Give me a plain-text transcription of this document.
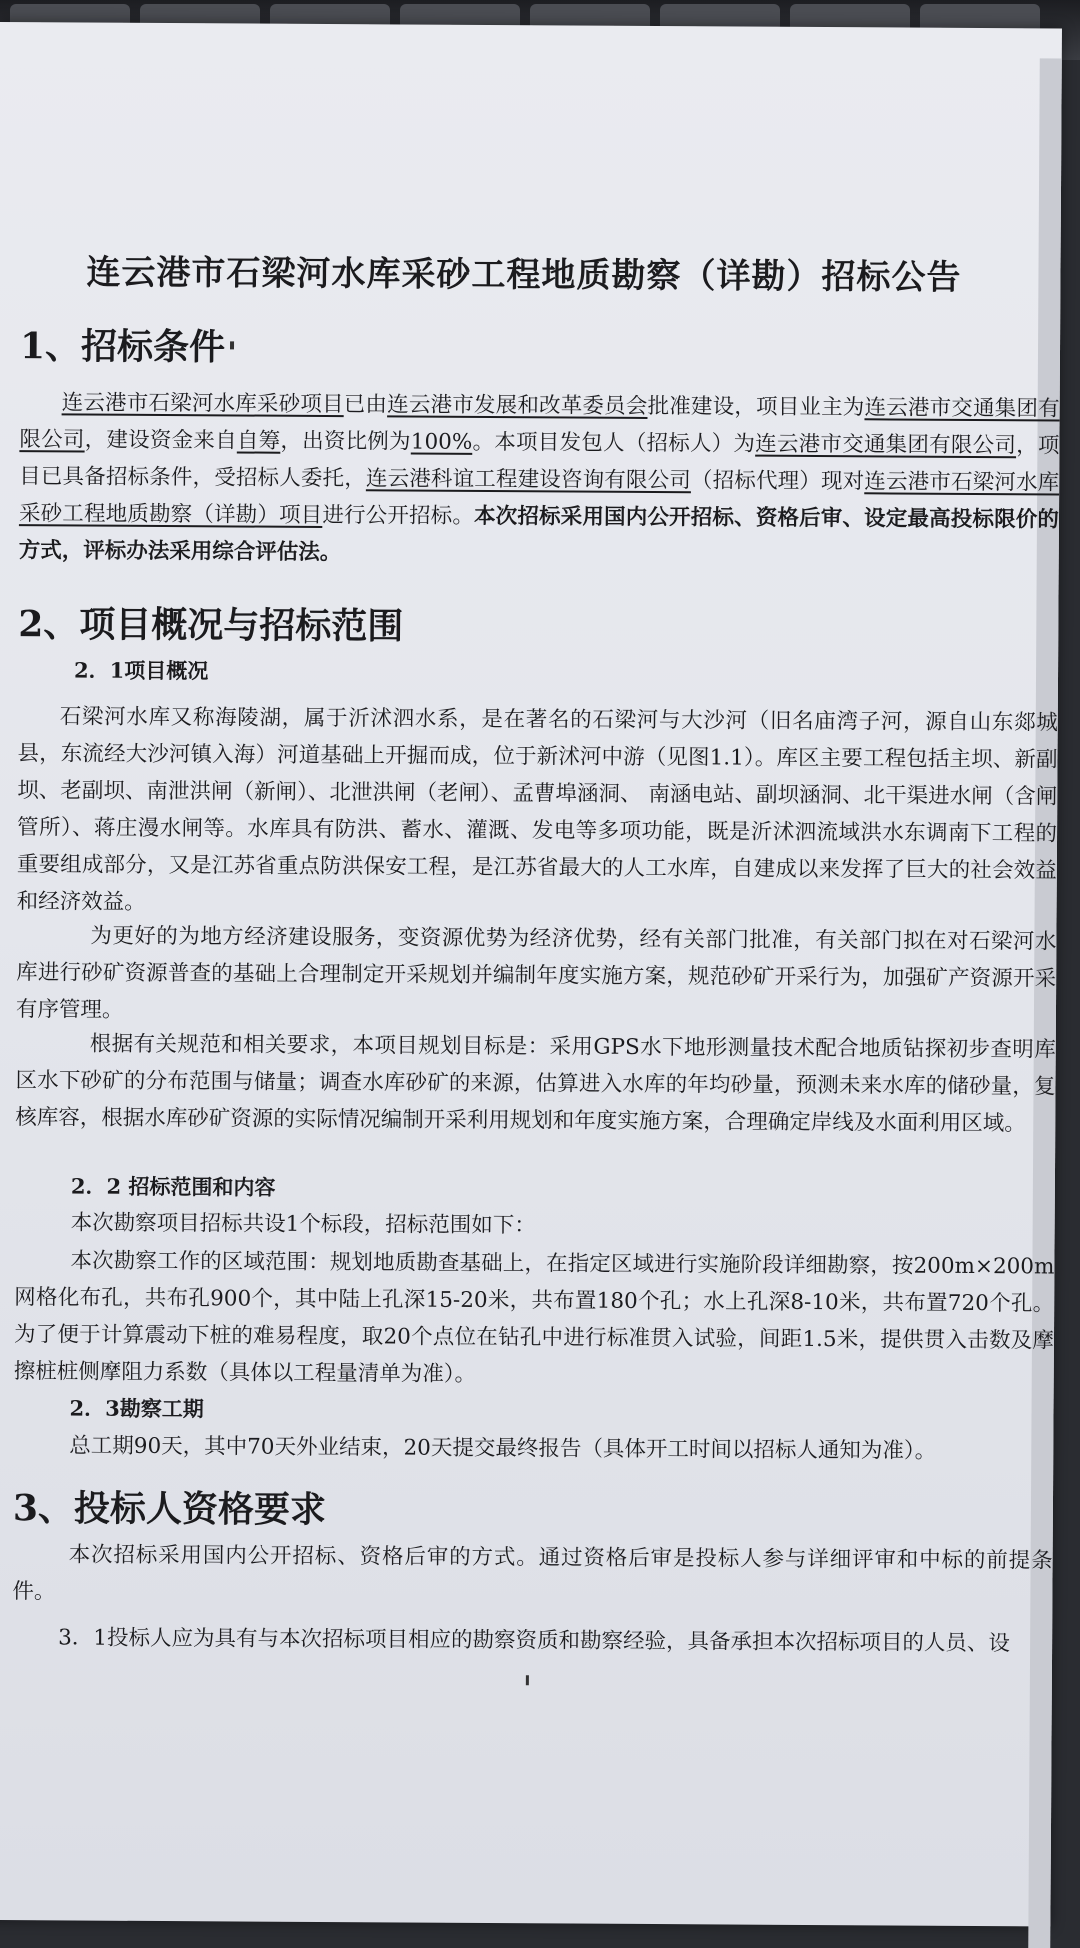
连云港市石梁河水库采砂工程地质勘察（详勘）招标公告
1、招标条件
连云港市石梁河水库采砂项目已由连云港市发展和改革委员会批准建设，项目业主为连云港市交通集团有限公司，建设资金来自自筹，出资比例为100%。本项目发包人（招标人）为连云港市交通集团有限公司，项目已具备招标条件，受招标人委托，连云港科谊工程建设咨询有限公司（招标代理）现对连云港市石梁河水库采砂工程地质勘察（详勘）项目进行公开招标。本次招标采用国内公开招标、资格后审、设定最高投标限价的方式，评标办法采用综合评估法。
2、项目概况与招标范围
2．1项目概况
石梁河水库又称海陵湖，属于沂沭泗水系，是在著名的石梁河与大沙河（旧名庙湾子河，源自山东郯城县，东流经大沙河镇入海）河道基础上开掘而成，位于新沭河中游（见图1.1）。库区主要工程包括主坝、新副坝、老副坝、南泄洪闸（新闸）、北泄洪闸（老闸）、孟曹埠涵洞、 南涵电站、副坝涵洞、北干渠进水闸（含闸管所）、蒋庄漫水闸等。水库具有防洪、蓄水、灌溉、发电等多项功能，既是沂沭泗流域洪水东调南下工程的重要组成部分，又是江苏省重点防洪保安工程，是江苏省最大的人工水库，自建成以来发挥了巨大的社会效益和经济效益。
为更好的为地方经济建设服务，变资源优势为经济优势，经有关部门批准，有关部门拟在对石梁河水库进行砂矿资源普查的基础上合理制定开采规划并编制年度实施方案，规范砂矿开采行为，加强矿产资源开采有序管理。
根据有关规范和相关要求，本项目规划目标是：采用GPS水下地形测量技术配合地质钻探初步查明库区水下砂矿的分布范围与储量；调查水库砂矿的来源，估算进入水库的年均砂量，预测未来水库的储砂量，复核库容，根据水库砂矿资源的实际情况编制开采利用规划和年度实施方案，合理确定岸线及水面利用区域。
2．2 招标范围和内容
本次勘察项目招标共设1个标段，招标范围如下：
本次勘察工作的区域范围：规划地质勘查基础上，在指定区域进行实施阶段详细勘察，按200m×200m网格化布孔，共布孔900个，其中陆上孔深15-20米，共布置180个孔；水上孔深8-10米，共布置720个孔。为了便于计算震动下桩的难易程度，取20个点位在钻孔中进行标准贯入试验，间距1.5米，提供贯入击数及摩擦桩桩侧摩阻力系数（具体以工程量清单为准）。
2．3勘察工期
总工期90天，其中70天外业结束，20天提交最终报告（具体开工时间以招标人通知为准）。
3、投标人资格要求
本次招标采用国内公开招标、资格后审的方式。通过资格后审是投标人参与详细评审和中标的前提条件。
3．1投标人应为具有与本次招标项目相应的勘察资质和勘察经验，具备承担本次招标项目的人员、设
